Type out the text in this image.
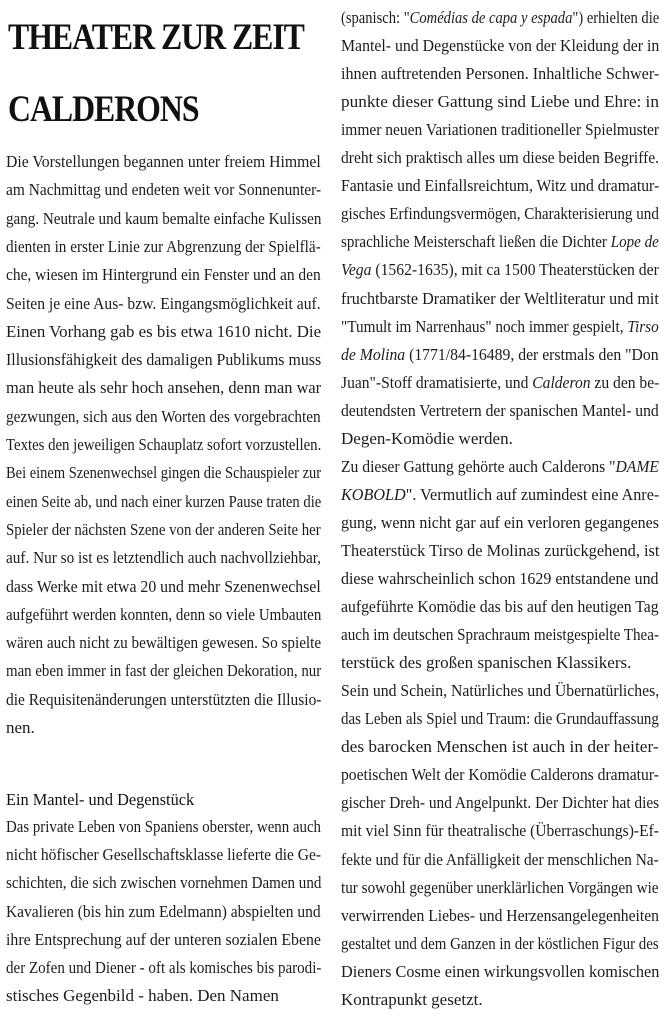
THEATER ZUR ZEIT
CALDERONS
Die Vorstellungen begannen unter freiem Himmel
am Nachmittag und endeten weit vor Sonnenunter-
gang. Neutrale und kaum bemalte einfache Kulissen
dienten in erster Linie zur Abgrenzung der Spielflä-
che, wiesen im Hintergrund ein Fenster und an den
Seiten je eine Aus- bzw. Eingangsmöglichkeit auf.
Einen Vorhang gab es bis etwa 1610 nicht. Die
Illusionsfähigkeit des damaligen Publikums muss
man heute als sehr hoch ansehen, denn man war
gezwungen, sich aus den Worten des vorgebrachten
Textes den jeweiligen Schauplatz sofort vorzustellen.
Bei einem Szenenwechsel gingen die Schauspieler zur
einen Seite ab, und nach einer kurzen Pause traten die
Spieler der nächsten Szene von der anderen Seite her
auf. Nur so ist es letztendlich auch nachvollziehbar,
dass Werke mit etwa 20 und mehr Szenenwechsel
aufgeführt werden konnten, denn so viele Umbauten
wären auch nicht zu bewältigen gewesen. So spielte
man eben immer in fast der gleichen Dekoration, nur
die Requisitenänderungen unterstützten die Illusio-
nen.
Ein Mantel- und Degenstück
Das private Leben von Spaniens oberster, wenn auch
nicht höfischer Gesellschaftsklasse lieferte die Ge-
schichten, die sich zwischen vornehmen Damen und
Kavalieren (bis hin zum Edelmann) abspielten und
ihre Entsprechung auf der unteren sozialen Ebene
der Zofen und Diener - oft als komisches bis parodi-
stisches Gegenbild - haben. Den Namen
(spanisch: "Comédias de capa y espada") erhielten die
Mantel- und Degenstücke von der Kleidung der in
ihnen auftretenden Personen. Inhaltliche Schwer-
punkte dieser Gattung sind Liebe und Ehre: in
immer neuen Variationen traditioneller Spielmuster
dreht sich praktisch alles um diese beiden Begriffe.
Fantasie und Einfallsreichtum, Witz und dramatur-
gisches Erfindungsvermögen, Charakterisierung und
sprachliche Meisterschaft ließen die Dichter Lope de
Vega (1562-1635), mit ca 1500 Theaterstücken der
fruchtbarste Dramatiker der Weltliteratur und mit
"Tumult im Narrenhaus" noch immer gespielt, Tirso
de Molina (1771/84-16489, der erstmals den "Don
Juan"-Stoff dramatisierte, und Calderon zu den be-
deutendsten Vertretern der spanischen Mantel- und
Degen-Komödie werden.
Zu dieser Gattung gehörte auch Calderons "DAME
KOBOLD". Vermutlich auf zumindest eine Anre-
gung, wenn nicht gar auf ein verloren gegangenes
Theaterstück Tirso de Molinas zurückgehend, ist
diese wahrscheinlich schon 1629 entstandene und
aufgeführte Komödie das bis auf den heutigen Tag
auch im deutschen Sprachraum meistgespielte Thea-
terstück des großen spanischen Klassikers.
Sein und Schein, Natürliches und Übernatürliches,
das Leben als Spiel und Traum: die Grundauffassung
des barocken Menschen ist auch in der heiter-
poetischen Welt der Komödie Calderons dramatur-
gischer Dreh- und Angelpunkt. Der Dichter hat dies
mit viel Sinn für theatralische (Überraschungs)-Ef-
fekte und für die Anfälligkeit der menschlichen Na-
tur sowohl gegenüber unerklärlichen Vorgängen wie
verwirrenden Liebes- und Herzensangelegenheiten
gestaltet und dem Ganzen in der köstlichen Figur des
Dieners Cosme einen wirkungsvollen komischen
Kontrapunkt gesetzt.
